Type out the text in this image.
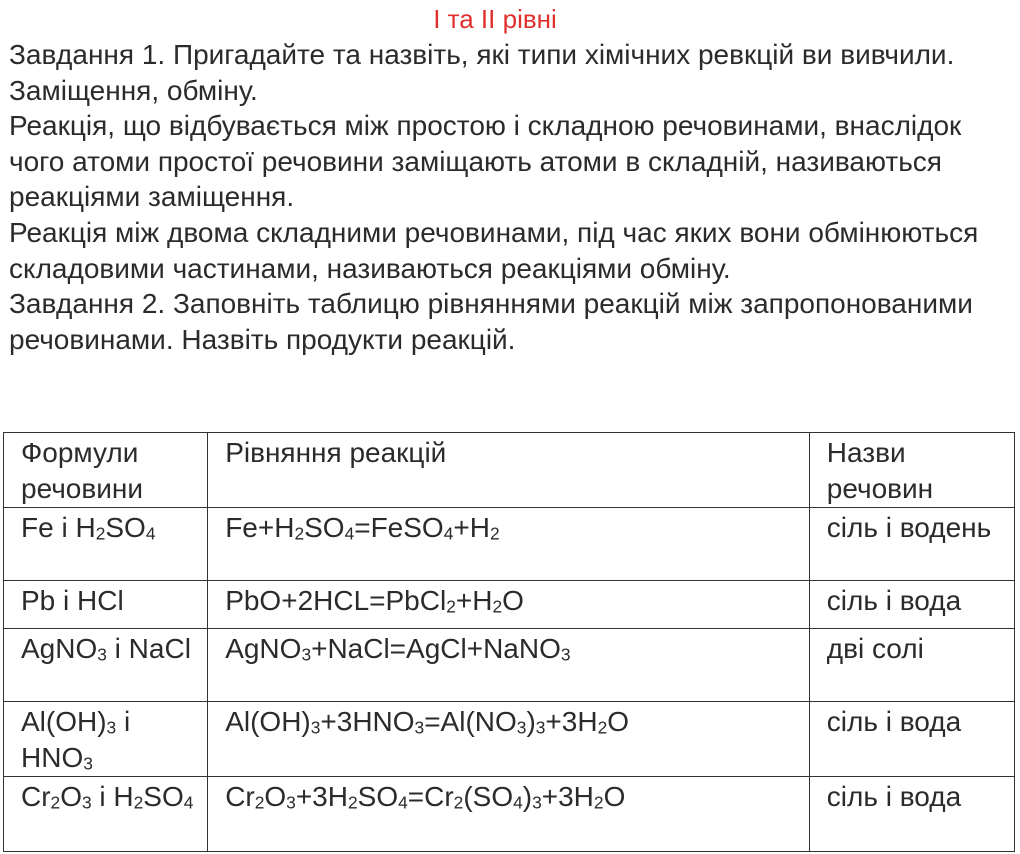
І та ІІ рівні

Завдання 1. Пригадайте та назвіть, які типи хімічних ревкцій ви вивчили.

Заміщення, обміну.

Реакція, що відбувається між простою і складною речовинами, внаслідок чого атоми простої речовини заміщають атоми в складній, називаються реакціями заміщення.

Реакція між двома складними речовинами, під час яких вони обмінюються складовими частинами, називаються реакціями обміну.

Завдання 2. Заповніть таблицю рівняннями реакцій між запропонованими речовинами. Назвіть продукти реакцій.

Формули речовини	Рівняння реакцій	Назви речовин
Fe і $H_2SO_4$	$Fe+H_2SO_4=FeSO_4+H_2$	сіль і водень
Pb і HCl	$PbO+2HCL=PbCl_2+H_2O$	сіль і вода
AgNO$_3$ і NaCl	AgNO$_3$+NaCl=AgCl+NaNO$_3$	дві солі
$Al(OH)_3$ і $HNO_3$	$Al(OH)_3+3HNO_3=Al(NO_3)_3+3H_2O$	сіль і вода
$Cr_2O_3$ і $H_2SO_4$	$Cr_2O_3+3H_2SO_4=Cr_2(SO_4)_3+3H_2O$	сіль і вода
